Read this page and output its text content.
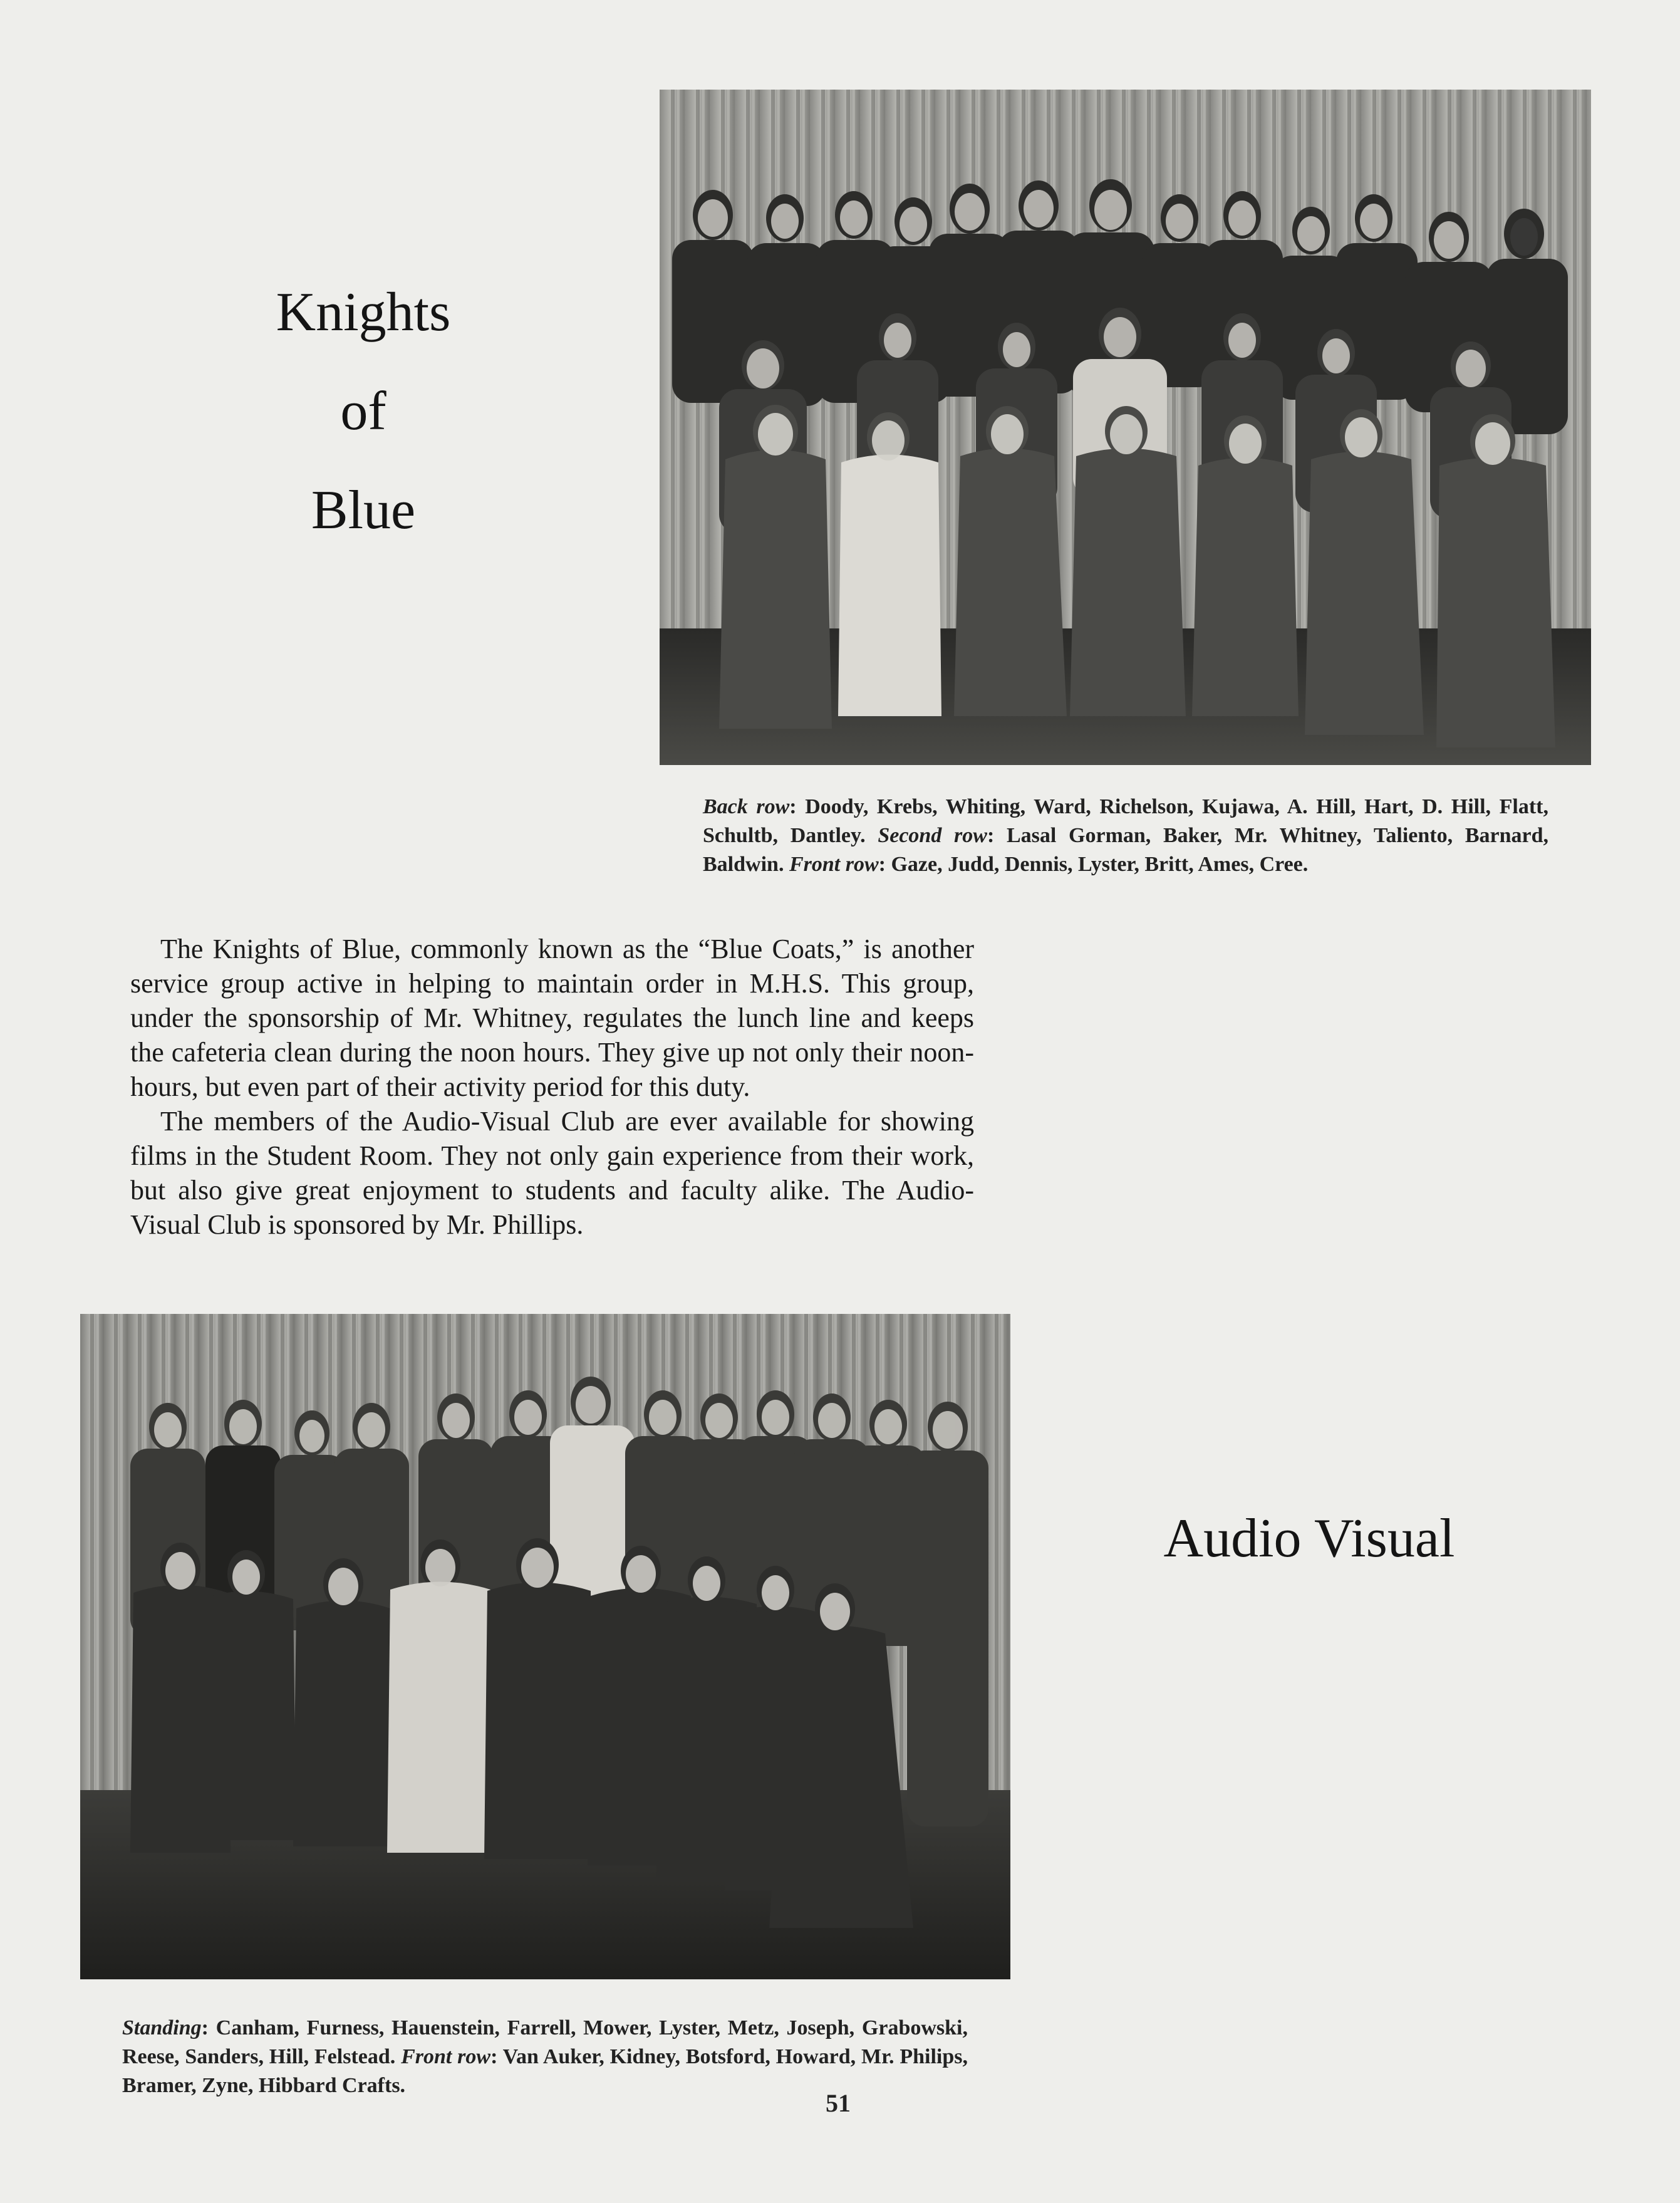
Knights
of
Blue
Back row: Doody, Krebs, Whiting, Ward, Richelson, Kujawa, A. Hill, Hart, D. Hill, Flatt, Schultb, Dantley. Second row: Lasal Gorman, Baker, Mr. Whitney, Taliento, Barnard, Baldwin. Front row: Gaze, Judd, Dennis, Lyster, Britt, Ames, Cree.

The Knights of Blue, commonly known as the “Blue Coats,” is another service group active in helping to maintain order in M.H.S. This group, under the sponsorship of Mr. Whitney, regulates the lunch line and keeps the cafeteria clean during the noon hours. They give up not only their noon-hours, but even part of their activity period for this duty.

The members of the Audio-Visual Club are ever available for showing films in the Student Room. They not only gain experience from their work, but also give great enjoyment to students and faculty alike. The Audio-Visual Club is sponsored by Mr. Phillips.

Audio Visual
Standing: Canham, Furness, Hauenstein, Farrell, Mower, Lyster, Metz, Joseph, Grabowski, Reese, Sanders, Hill, Felstead. Front row: Van Auker, Kidney, Botsford, Howard, Mr. Philips, Bramer, Zyne, Hibbard Crafts.
51
